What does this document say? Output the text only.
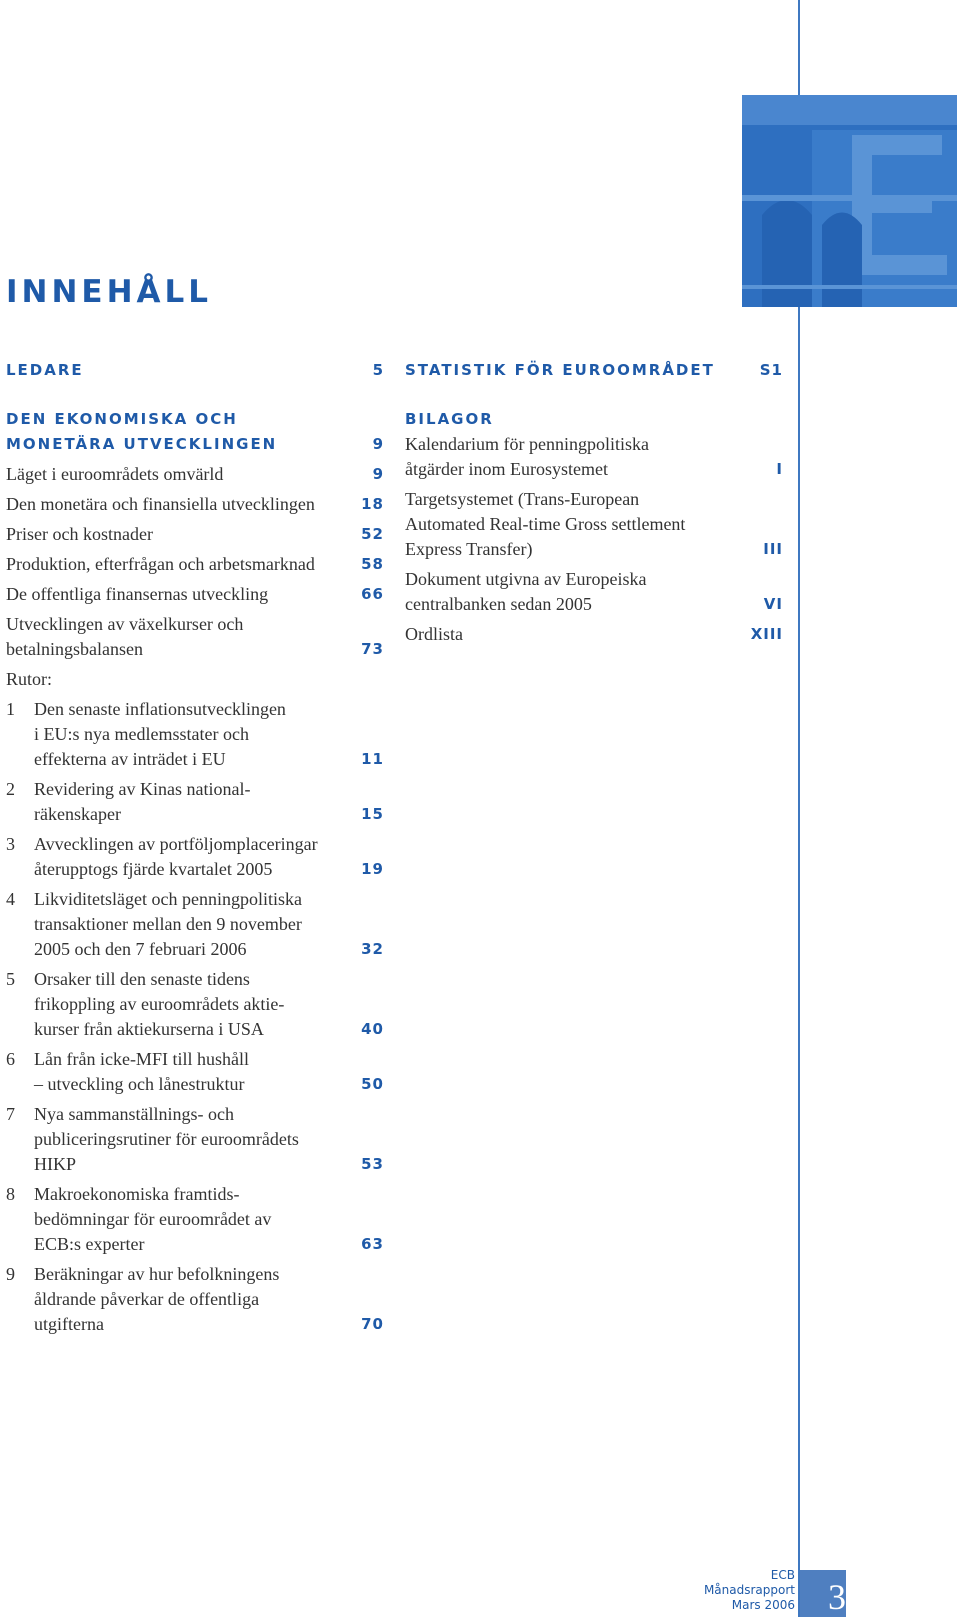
INNEHÅLL
LEDARE	5
DEN EKONOMISKA OCH
MONETÄRA UTVECKLINGEN	9
Läget i euroområdets omvärld	9
Den monetära och finansiella utvecklingen	18
Priser och kostnader	52
Produktion, efterfrågan och arbetsmarknad	58
De offentliga finansernas utveckling	66
Utvecklingen av växelkurser och
betalningsbalansen	73
Rutor:
1	Den senaste inflationsutvecklingen
i EU:s nya medlemsstater och
effekterna av inträdet i EU	11
2	Revidering av Kinas national-
räkenskaper	15
3	Avvecklingen av portföljomplaceringar
återupptogs fjärde kvartalet 2005	19
4	Likviditetsläget och penningpolitiska
transaktioner mellan den 9 november
2005 och den 7 februari 2006	32
5	Orsaker till den senaste tidens
frikoppling av euroområdets aktie-
kurser från aktiekurserna i USA	40
6	Lån från icke-MFI till hushåll
– utveckling och lånestruktur	50
7	Nya sammanställnings- och
publiceringsrutiner för euroområdets
HIKP	53
8	Makroekonomiska framtids-
bedömningar för euroområdet av
ECB:s experter	63
9	Beräkningar av hur befolkningens
åldrande påverkar de offentliga
utgifterna	70
STATISTIK FÖR EUROOMRÅDET	S1
BILAGOR
Kalendarium för penningpolitiska
åtgärder inom Eurosystemet	I
Targetsystemet (Trans-European
Automated Real-time Gross settlement
Express Transfer)	III
Dokument utgivna av Europeiska
centralbanken sedan 2005	VI
Ordlista	XIII
ECB
Månadsrapport
Mars 2006 3
